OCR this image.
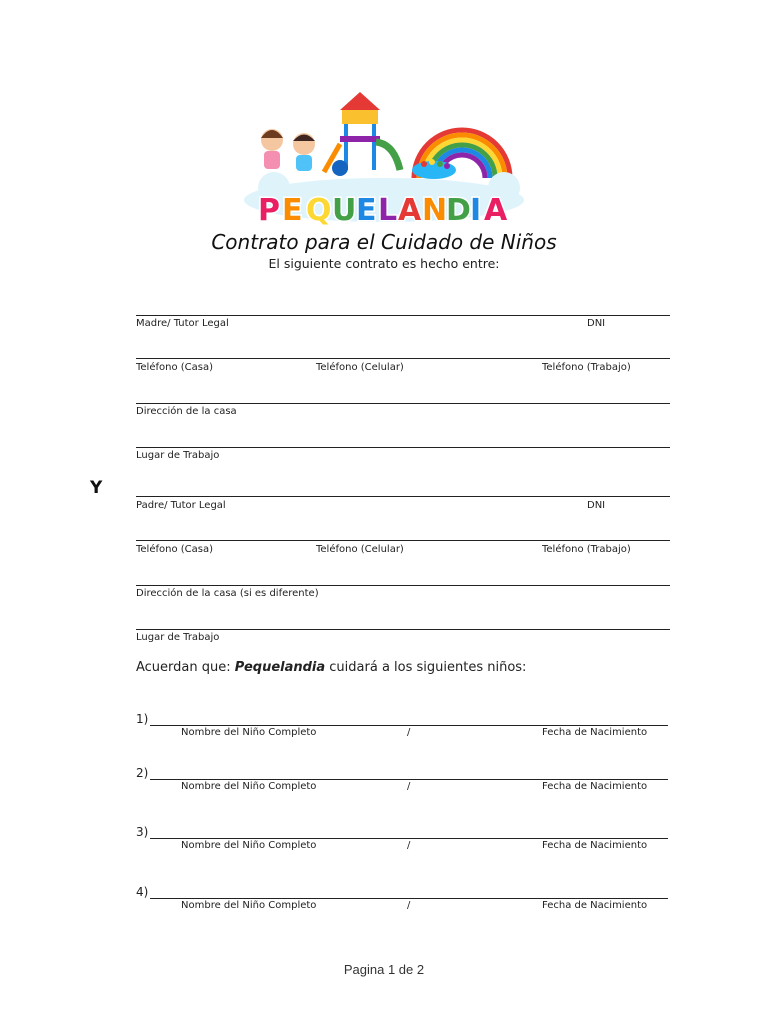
P E Q U E L A N
D I A
Contrato para el Cuidado de Niños
El siguiente contrato es hecho entre:
Madre/ Tutor Legal	DNI
Teléfono (Casa)	Teléfono (Celular)	Teléfono (Trabajo)
Dirección de la casa
Lugar de Trabajo
Y
Padre/ Tutor Legal	DNI
Teléfono (Casa)	Teléfono (Celular)	Teléfono (Trabajo)
Dirección de la casa (si es diferente)
Lugar de Trabajo
Acuerdan que: Pequelandia cuidará a los siguientes niños:
1)
Nombre del Niño Completo	/	Fecha de Nacimiento
2)
Nombre del Niño Completo	/	Fecha de Nacimiento
3)
Nombre del Niño Completo	/	Fecha de Nacimiento
4)
Nombre del Niño Completo	/	Fecha de Nacimiento
Pagina 1 de 2
